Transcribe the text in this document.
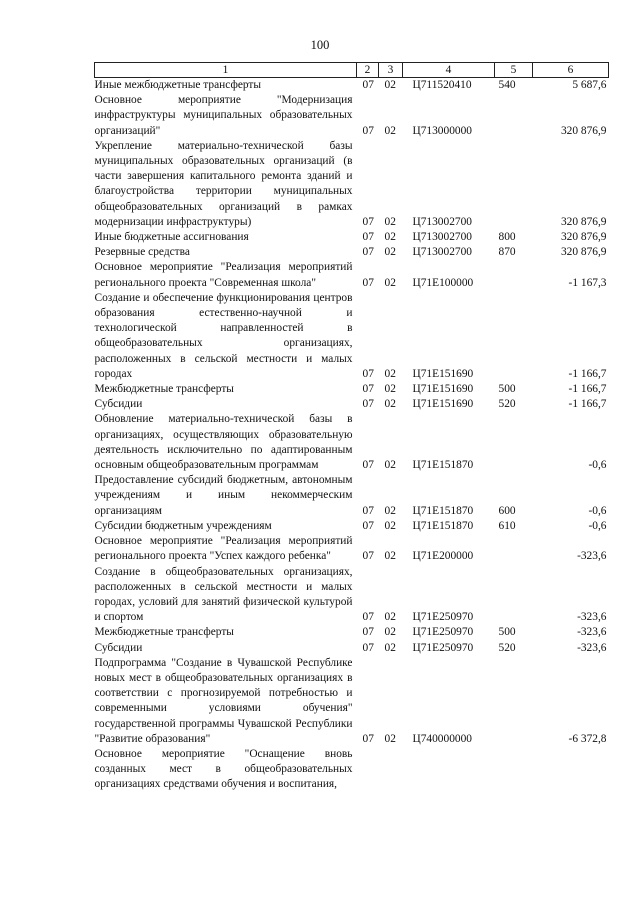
100
1	2	3	4	5	6
Иные межбюджетные трансферты	07	02	Ц711520410	540	5 687,6
Основное мероприятие "Модернизация инфраструктуры муниципальных образовательных организаций"	07	02	Ц713000000		320 876,9
Укрепление материально-технической базы муниципальных образовательных организаций (в части завершения капитального ремонта зданий и благоустройства территории муниципальных общеобразовательных организаций в рамках модернизации инфраструктуры)	07	02	Ц713002700		320 876,9
Иные бюджетные ассигнования	07	02	Ц713002700	800	320 876,9
Резервные средства	07	02	Ц713002700	870	320 876,9
Основное мероприятие "Реализация мероприятий регионального проекта "Современная школа"	07	02	Ц71Е100000		-1 167,3
Создание и обеспечение функционирования центров образования естественно-научной и технологической направленностей в общеобразовательных организациях, расположенных в сельской местности и малых городах	07	02	Ц71Е151690		-1 166,7
Межбюджетные трансферты	07	02	Ц71Е151690	500	-1 166,7
Субсидии	07	02	Ц71Е151690	520	-1 166,7
Обновление материально-технической базы в организациях, осуществляющих образовательную деятельность исключительно по адаптированным основным общеобразовательным программам	07	02	Ц71Е151870		-0,6
Предоставление субсидий бюджетным, автономным учреждениям и иным некоммерческим организациям	07	02	Ц71Е151870	600	-0,6
Субсидии бюджетным учреждениям	07	02	Ц71Е151870	610	-0,6
Основное мероприятие "Реализация мероприятий регионального проекта "Успех каждого ребенка"	07	02	Ц71Е200000		-323,6
Создание в общеобразовательных организациях, расположенных в сельской местности и малых городах, условий для занятий физической культурой и спортом	07	02	Ц71Е250970		-323,6
Межбюджетные трансферты	07	02	Ц71Е250970	500	-323,6
Субсидии	07	02	Ц71Е250970	520	-323,6
Подпрограмма "Создание в Чувашской Республике новых мест в общеобразовательных организациях в соответствии с прогнозируемой потребностью и современными условиями обучения" государственной программы Чувашской Республики "Развитие образования"	07	02	Ц740000000		-6 372,8
Основное мероприятие "Оснащение вновь созданных мест в общеобразовательных организациях средствами обучения и воспитания,					
